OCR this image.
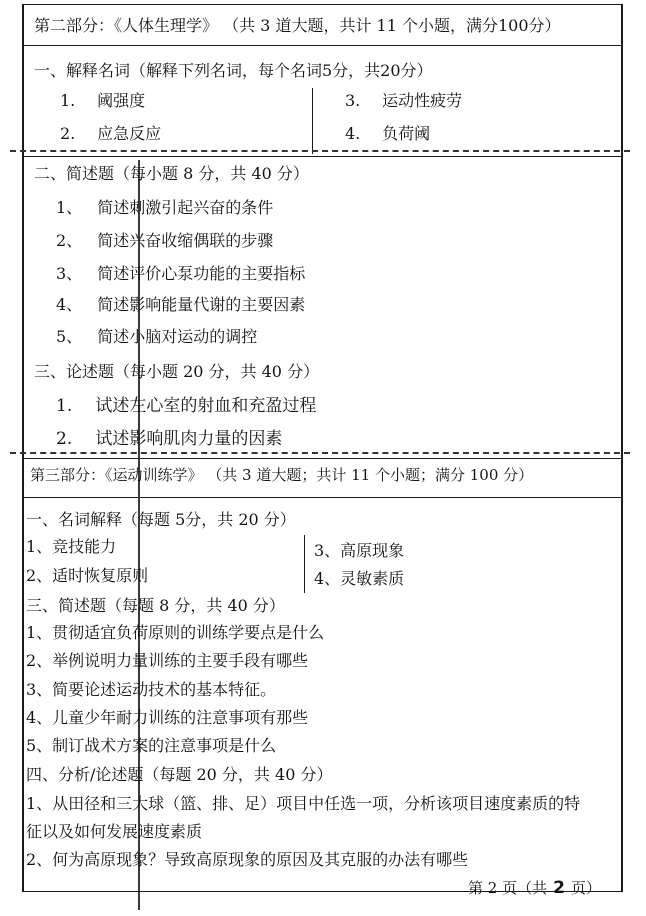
第二部分：《人体生理学》 （共 3 道大题，共计 11 个小题，满分100分）
一、解释名词（解释下列名词，每个名词5分，共20分）
1. 阈强度
2. 应急反应
3. 运动性疲劳
4. 负荷阈
二、简述题（每小题 8 分，共 40 分）
1、 简述刺激引起兴奋的条件
2、 简述兴奋收缩偶联的步骤
3、 简述评价心泵功能的主要指标
4、 简述影响能量代谢的主要因素
5、 简述小脑对运动的调控
三、论述题（每小题 20 分，共 40 分）
1. 试述左心室的射血和充盈过程
2. 试述影响肌肉力量的因素
第三部分：《运动训练学》 （共 3 道大题；共计 11 个小题；满分 100 分）
一、名词解释（每题 5分，共 20 分）
1、竞技能力
2、适时恢复原则
3、高原现象
4、灵敏素质
三、简述题（每题 8 分，共 40 分）
1、贯彻适宜负荷原则的训练学要点是什么
2、举例说明力量训练的主要手段有哪些
3、简要论述运动技术的基本特征。
4、儿童少年耐力训练的注意事项有那些
5、制订战术方案的注意事项是什么
四、分析/论述题（每题 20 分，共 40 分）
1、从田径和三大球（篮、排、足）项目中任选一项，分析该项目速度素质的特
征以及如何发展速度素质
2、何为高原现象？导致高原现象的原因及其克服的办法有哪些
第 2 页（共 2 页）
